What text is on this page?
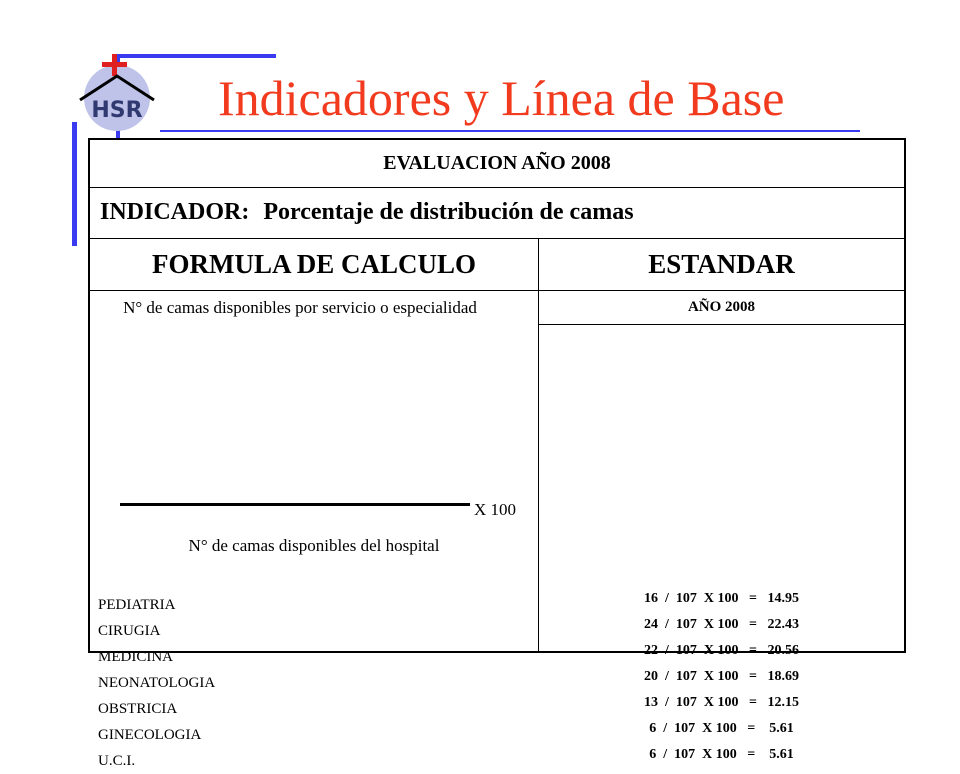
HSR Indicadores y Línea de Base
EVALUACION AÑO 2008
INDICADOR: Porcentaje de distribución de camas
FORMULA DE CALCULO	ESTANDAR
N° de camas disponibles por servicio o especialidad
X 100
N° de camas disponibles del hospital
PEDIATRIA
CIRUGIA
MEDICINA
NEONATOLOGIA
OBSTRICIA
GINECOLOGIA
U.C.I.
AÑO 2008
16  /  107  X 100   =   14.95
24  /  107  X 100   =   22.43
22  /  107  X 100   =   20.56
20  /  107  X 100   =   18.69
13  /  107  X 100   =   12.15
6  /  107  X 100   =    5.61
6  /  107  X 100   =    5.61
